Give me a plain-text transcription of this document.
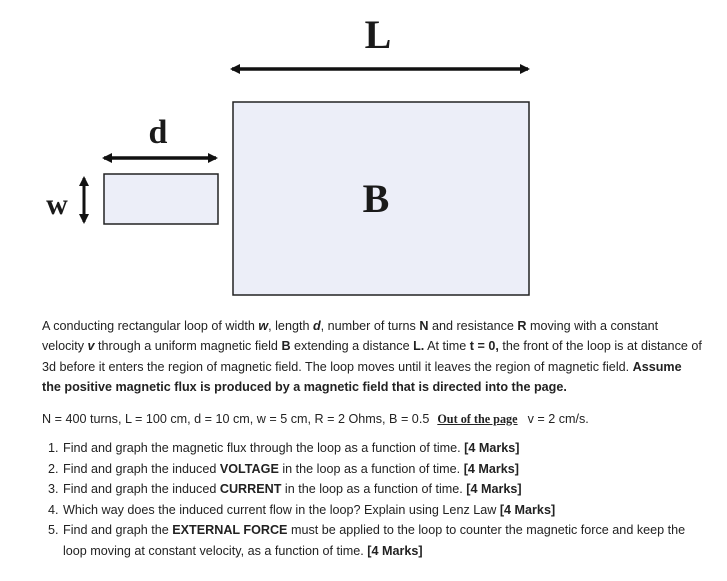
L
B
d
w

A conducting rectangular loop of width w, length d, number of turns N and resistance R moving with a constant velocity v through a uniform magnetic field B extending a distance L. At time t = 0, the front of the loop is at distance of 3d before it enters the region of magnetic field. The loop moves until it leaves the region of magnetic field. Assume the positive magnetic flux is produced by a magnetic field that is directed into the page.

N = 400 turns, L = 100 cm, d = 10 cm, w = 5 cm, R = 2 Ohms, B = 0.5 Out of the page v = 2 cm/s.

1. Find and graph the magnetic flux through the loop as a function of time. [4 Marks]
2. Find and graph the induced VOLTAGE in the loop as a function of time. [4 Marks]
3. Find and graph the induced CURRENT in the loop as a function of time. [4 Marks]
4. Which way does the induced current flow in the loop? Explain using Lenz Law [4 Marks]
5. Find and graph the EXTERNAL FORCE must be applied to the loop to counter the magnetic force and keep the loop moving at constant velocity, as a function of time. [4 Marks]
